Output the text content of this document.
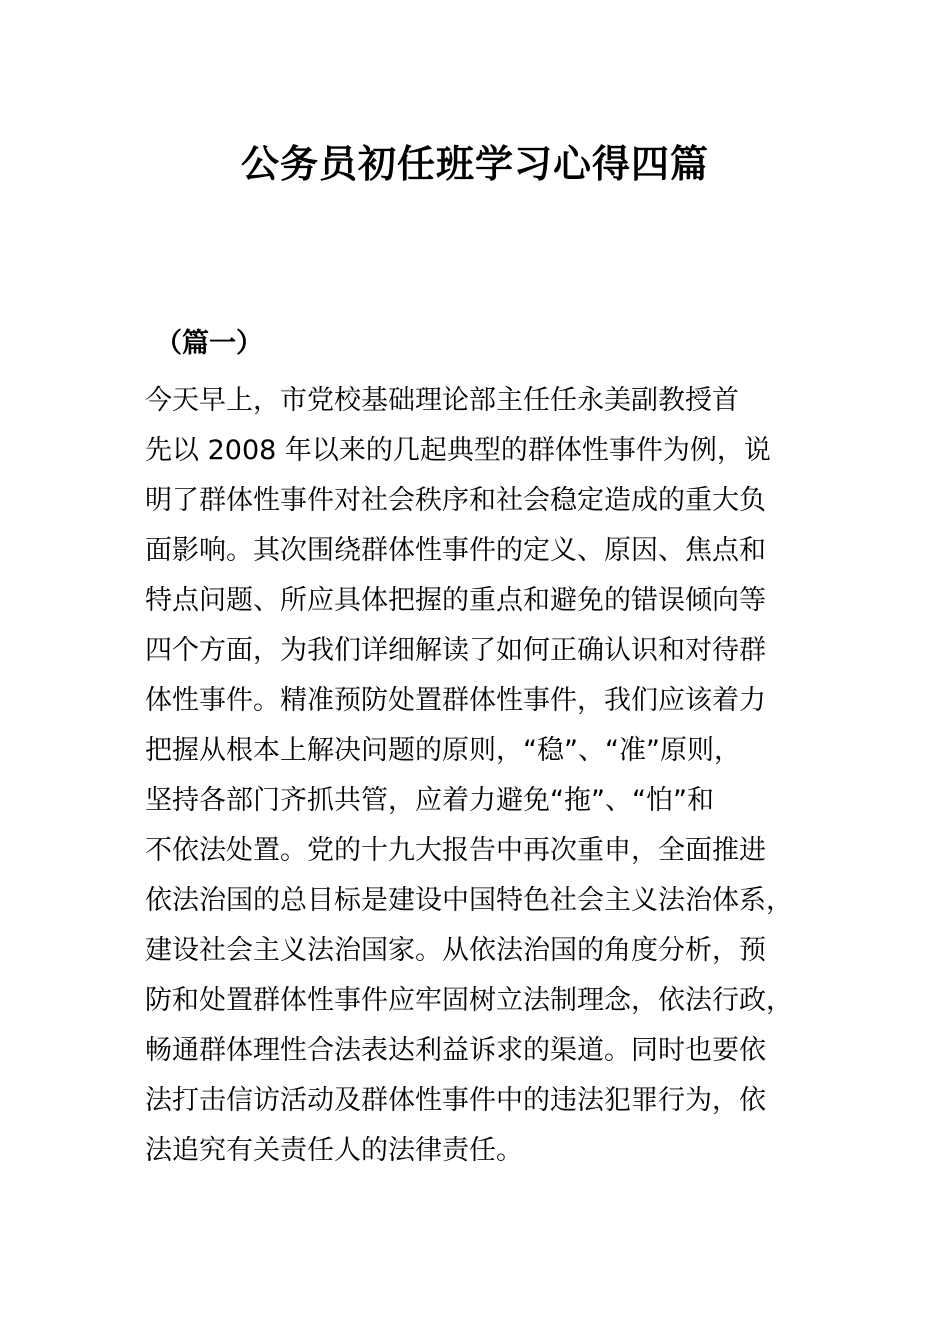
公务员初任班学习心得四篇
（篇一）
今天早上，市党校基础理论部主任任永美副教授首
先以 2008 年以来的几起典型的群体性事件为例，说
明了群体性事件对社会秩序和社会稳定造成的重大负
面影响。其次围绕群体性事件的定义、原因、焦点和
特点问题、所应具体把握的重点和避免的错误倾向等
四个方面，为我们详细解读了如何正确认识和对待群
体性事件。精准预防处置群体性事件，我们应该着力
把握从根本上解决问题的原则，“稳”、“准”原则，
坚持各部门齐抓共管，应着力避免“拖”、“怕”和
不依法处置。党的十九大报告中再次重申，全面推进
依法治国的总目标是建设中国特色社会主义法治体系，
建设社会主义法治国家。从依法治国的角度分析，预
防和处置群体性事件应牢固树立法制理念，依法行政，
畅通群体理性合法表达利益诉求的渠道。同时也要依
法打击信访活动及群体性事件中的违法犯罪行为，依
法追究有关责任人的法律责任。
